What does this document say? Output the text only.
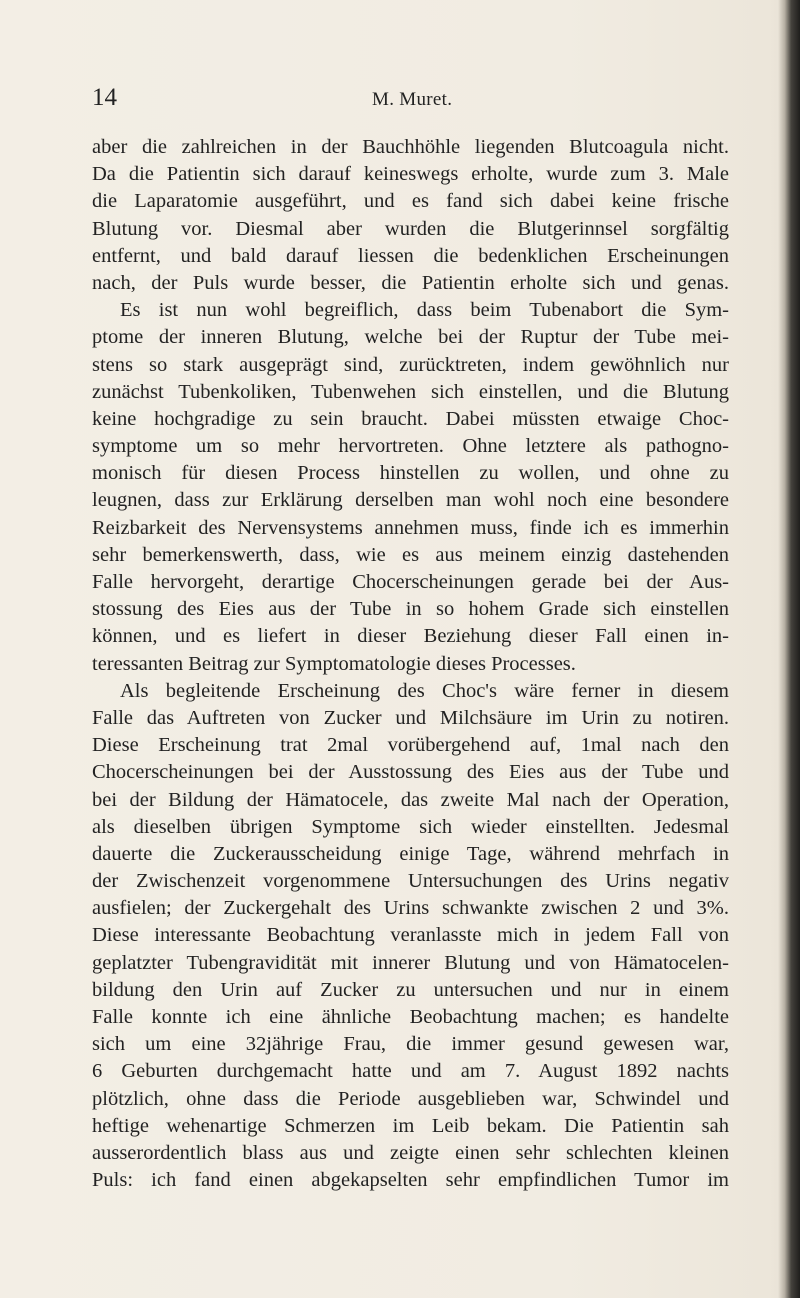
14	M. Muret.
aber die zahlreichen in der Bauchhöhle liegenden Blutcoagula nicht.
Da die Patientin sich darauf keineswegs erholte, wurde zum 3. Male
die Laparatomie ausgeführt, und es fand sich dabei keine frische
Blutung vor. Diesmal aber wurden die Blutgerinnsel sorgfältig
entfernt, und bald darauf liessen die bedenklichen Erscheinungen
nach, der Puls wurde besser, die Patientin erholte sich und genas.
Es ist nun wohl begreiflich, dass beim Tubenabort die Sym-
ptome der inneren Blutung, welche bei der Ruptur der Tube mei-
stens so stark ausgeprägt sind, zurücktreten, indem gewöhnlich nur
zunächst Tubenkoliken, Tubenwehen sich einstellen, und die Blutung
keine hochgradige zu sein braucht. Dabei müssten etwaige Choc-
symptome um so mehr hervortreten. Ohne letztere als pathogno-
monisch für diesen Process hinstellen zu wollen, und ohne zu
leugnen, dass zur Erklärung derselben man wohl noch eine besondere
Reizbarkeit des Nervensystems annehmen muss, finde ich es immerhin
sehr bemerkenswerth, dass, wie es aus meinem einzig dastehenden
Falle hervorgeht, derartige Chocerscheinungen gerade bei der Aus-
stossung des Eies aus der Tube in so hohem Grade sich einstellen
können, und es liefert in dieser Beziehung dieser Fall einen in-
teressanten Beitrag zur Symptomatologie dieses Processes.
Als begleitende Erscheinung des Choc's wäre ferner in diesem
Falle das Auftreten von Zucker und Milchsäure im Urin zu notiren.
Diese Erscheinung trat 2mal vorübergehend auf, 1mal nach den
Chocerscheinungen bei der Ausstossung des Eies aus der Tube und
bei der Bildung der Hämatocele, das zweite Mal nach der Operation,
als dieselben übrigen Symptome sich wieder einstellten. Jedesmal
dauerte die Zuckerausscheidung einige Tage, während mehrfach in
der Zwischenzeit vorgenommene Untersuchungen des Urins negativ
ausfielen; der Zuckergehalt des Urins schwankte zwischen 2 und 3%.
Diese interessante Beobachtung veranlasste mich in jedem Fall von
geplatzter Tubengravidität mit innerer Blutung und von Hämatocelen-
bildung den Urin auf Zucker zu untersuchen und nur in einem
Falle konnte ich eine ähnliche Beobachtung machen; es handelte
sich um eine 32jährige Frau, die immer gesund gewesen war,
6 Geburten durchgemacht hatte und am 7. August 1892 nachts
plötzlich, ohne dass die Periode ausgeblieben war, Schwindel und
heftige wehenartige Schmerzen im Leib bekam. Die Patientin sah
ausserordentlich blass aus und zeigte einen sehr schlechten kleinen
Puls: ich fand einen abgekapselten sehr empfindlichen Tumor im
